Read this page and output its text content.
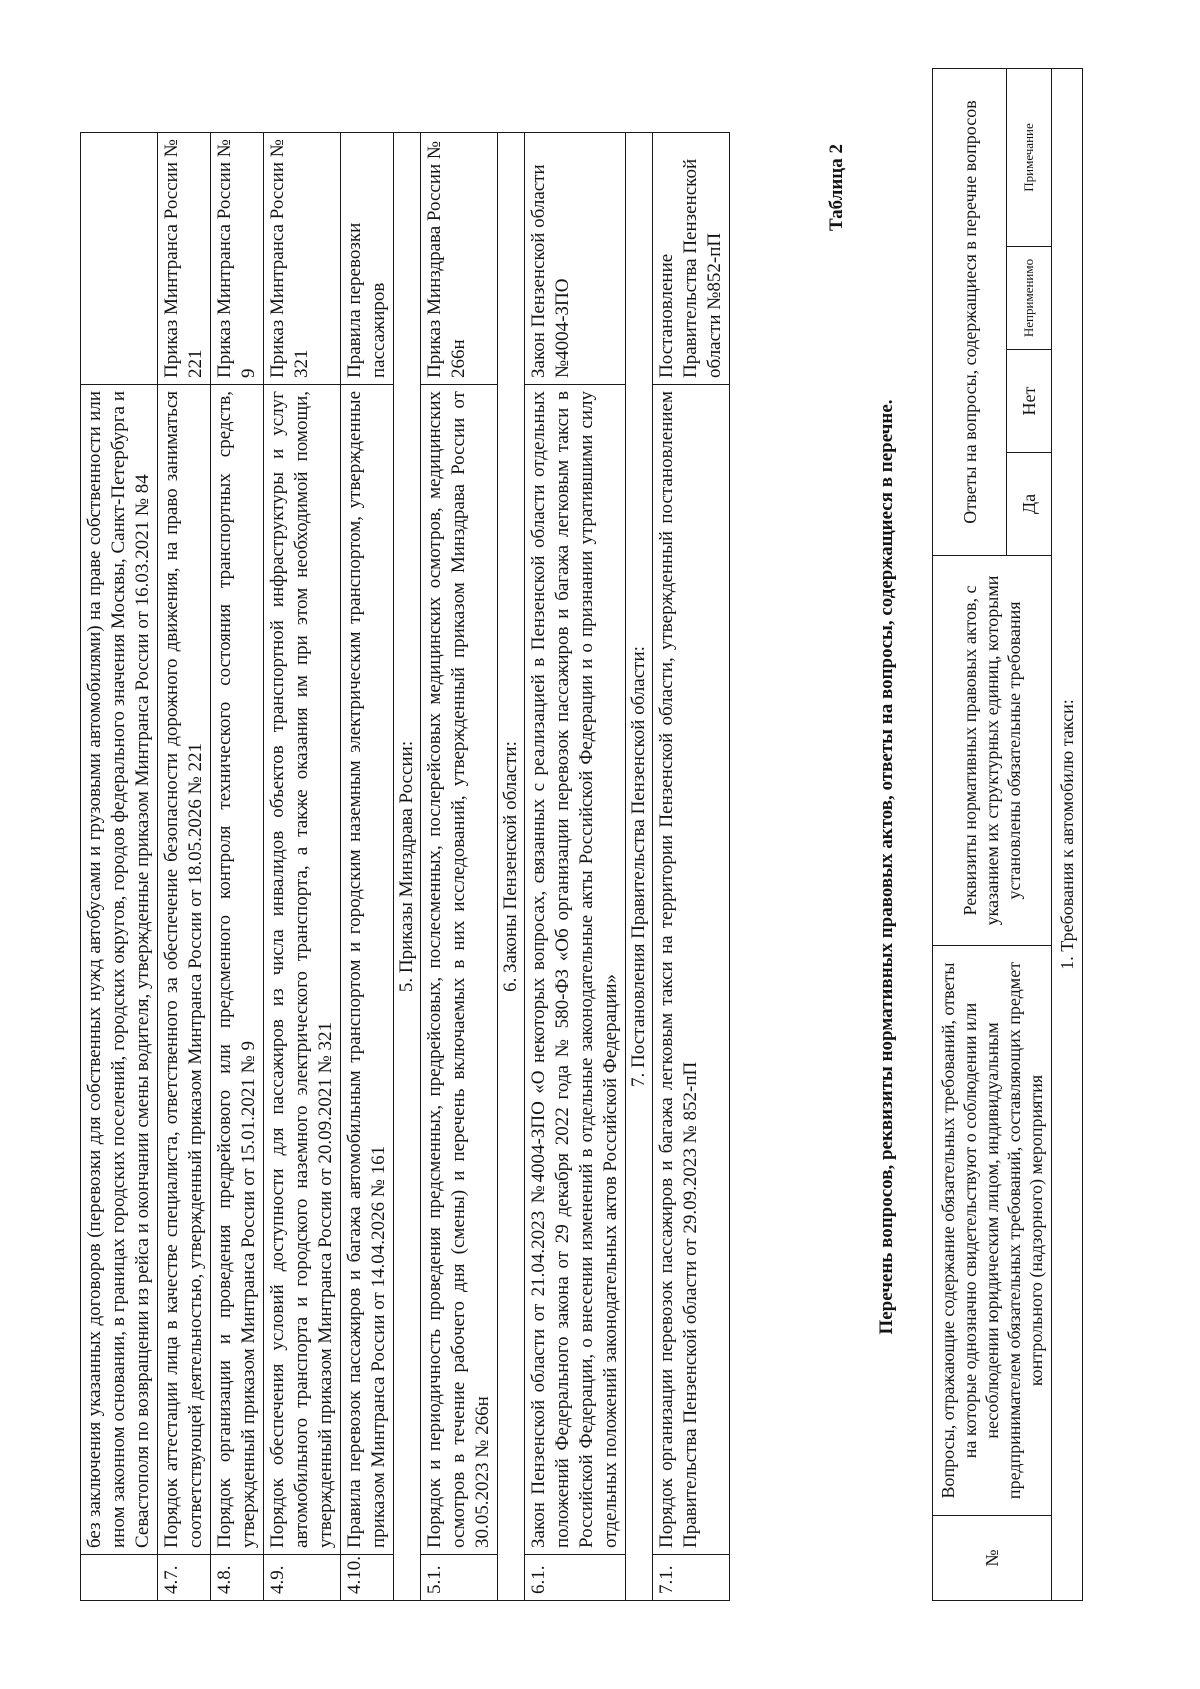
	без заключения указанных договоров (перевозки для собственных нужд автобусами и грузовыми автомобилями) на праве собственности или ином законном основании, в границах городских поселений, городских округов, городов федерального значения Москвы, Санкт-Петербурга и Севастополя по возвращении из рейса и окончании смены водителя, утвержденные приказом Минтранса России от 16.03.2021 № 84	
4.7.	Порядок аттестации лица в качестве специалиста, ответственного за обеспечение безопасности дорожного движения, на право заниматься соответствующей деятельностью, утвержденный приказом Минтранса России от 18.05.2026 № 221	Приказ Минтранса России № 221
4.8.	Порядок организации и проведения предрейсового или предсменного контроля технического состояния транспортных средств, утвержденный приказом Минтранса России от 15.01.2021 № 9	Приказ Минтранса России № 9
4.9.	Порядок обеспечения условий доступности для пассажиров из числа инвалидов объектов транспортной инфраструктуры и услуг автомобильного транспорта и городского наземного электрического транспорта, а также оказания им при этом необходимой помощи, утвержденный приказом Минтранса России от 20.09.2021 № 321	Приказ Минтранса России № 321
4.10.	Правила перевозок пассажиров и багажа автомобильным транспортом и городским наземным электрическим транспортом, утвержденные приказом Минтранса России от 14.04.2026 № 161	Правила перевозки пассажиров
5. Приказы Минздрава России:		
5.1.	Порядок и периодичность проведения предсменных, предрейсовых, послесменных, послерейсовых медицинских осмотров, медицинских осмотров в течение рабочего дня (смены) и перечень включаемых в них исследований, утвержденный приказом Минздрава России от 30.05.2023 № 266н	Приказ Минздрава России № 266н
6. Законы Пензенской области:		
6.1.	Закон Пензенской области от 21.04.2023 №4004-ЗПО «О некоторых вопросах, связанных с реализацией в Пензенской области отдельных положений Федерального закона от 29 декабря 2022 года № 580-ФЗ «Об организации перевозок пассажиров и багажа легковым такси в Российской Федерации, о внесении изменений в отдельные законодательные акты Российской Федерации и о признании утратившими силу отдельных положений законодательных актов Российской Федерации»	Закон Пензенской области №4004-ЗПО
7. Постановления Правительства Пензенской области:		
7.1.	Порядок организации перевозок пассажиров и багажа легковым такси на территории Пензенской области, утвержденный постановлением Правительства Пензенской области от 29.09.2023 № 852-пП	Постановление Правительства Пензенской области №852-пП
Таблица 2
Перечень вопросов, реквизиты нормативных правовых актов, ответы на вопросы, содержащиеся в перечне.
№	Вопросы, отражающие содержание обязательных требований, ответы на которые однозначно свидетельствуют о соблюдении или несоблюдении юридическим лицом, индивидуальным предпринимателем обязательных требований, составляющих предмет контрольного (надзорного) мероприятия	Реквизиты нормативных правовых актов, с указанием их структурных единиц, которыми установлены обязательные требования	Ответы на вопросы, содержащиеся в перечне вопросов			
			Да	Нет	Неприменимо	Примечание
1. Требования к автомобилю такси:						
